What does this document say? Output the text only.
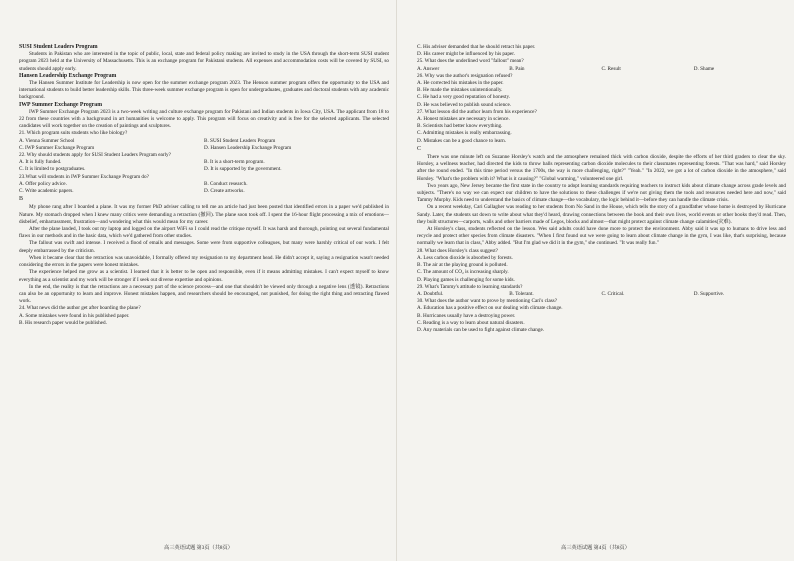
SUSI Student Leaders Program

Students in Pakistan who are interested in the topic of public, local, state and federal policy making are invited to study in the USA through the short-term SUSI student program 2023 held at the University of Massachusetts. This is an exchange program for Pakistani students. All expenses and accommodation costs will be covered by SUSI, so students should apply early.

Hansen Leadership Exchange Program

The Hansen Summer Institute for Leadership is now open for the summer exchange program 2023. The Henson summer program offers the opportunity to the USA and international students to build better leadership skills. This three-week summer exchange program is open for undergraduates, graduates and doctoral students with any academic background.

IWP Summer Exchange Program

IWP Summer Exchange Program 2023 is a two-week writing and culture exchange program for Pakistani and Indian students in Iowa City, USA. The applicant from 18 to 22 from these countries with a background in art humanities is welcome to apply. This program will focus on creativity and is free for the selected applicants. The selected candidates will work together on the creation of paintings and sculptures.

21. Which program suits students who like biology?

A. Vienna Summer School	B. SUSI Student Leaders Program
C. IWP Summer Exchange Program	D. Hansen Leadership Exchange Program

22. Why should students apply for SUSI Student Leaders Program early?

A. It is fully funded.	B. It is a short-term program.
C. It is limited to postgraduates.	D. It is supported by the government.

23.What will students in IWP Summer Exchange Program do?

A. Offer policy advice.	B. Conduct research.
C. Write academic papers.	D. Create artworks.

B

My phone rang after I boarded a plane. It was my former PhD adviser calling to tell me an article had just been posted that identified errors in a paper we'd published in Nature. My stomach dropped when I knew many critics were demanding a retraction (撤回). The plane soon took off. I spent the 16-hour flight processing a mix of emotions—disbelief, embarrassment, frustration—and wondering what this would mean for my career.

After the plane landed, I took out my laptop and logged on the airport WiFi so I could read the critique myself. It was harsh and thorough, pointing out several fundamental flaws in our methods and in the basic data, which we'd gathered from other studies.

The fallout was swift and intense. I received a flood of emails and messages. Some were from supportive colleagues, but many were harshly critical of our work. I felt deeply embarrassed by the criticism.

When it became clear that the retraction was unavoidable, I formally offered my resignation to my department head. He didn't accept it, saying a resignation wasn't needed considering the errors in the papers were honest mistakes.

The experience helped me grow as a scientist. I learned that it is better to be open and responsible, even if it means admitting mistakes. I can't expect myself to know everything as a scientist and my work will be stronger if I seek out diverse expertise and opinions.

In the end, the reality is that the retractions are a necessary part of the science process—and one that shouldn't be viewed only through a negative lens (透镜). Retractions can also be an opportunity to learn and improve. Honest mistakes happen, and researchers should be encouraged, not punished, for doing the right thing and retracting flawed work.

24. What news did the author get after boarding the plane?

A. Some mistakes were found in his published paper.

B. His research paper would be published.

高三英语试题 第3页（共8页）

C. His adviser demanded that he should retract his paper.

D. His career might be influenced by his paper.

25. What does the underlined word "fallout" mean?

A. Answer	B. Pain	C. Result	D. Shame

26. Why was the author's resignation refused?

A. He corrected his mistakes in the paper.

B. He made the mistakes unintentionally.

C. He had a very good reputation of honesty.

D. He was believed to publish sound science.

27. What lesson did the author learn from his experience?

A. Honest mistakes are necessary in science.

B. Scientists had better know everything.

C. Admitting mistakes is really embarrassing.

D. Mistakes can be a good chance to learn.

C

There was one minute left on Suzanne Horsley's watch and the atmosphere remained thick with carbon dioxide, despite the efforts of her third graders to clear the sky. Horsley, a wellness teacher, had directed the kids to throw balls representing carbon dioxide molecules to their classmates representing forests. "That was hard," said Horsley after the round ended. "In this time period versus the 1700s, the way is more challenging, right?" "Yeah." "In 2022, we got a lot of carbon dioxide in the atmosphere," said Horsley. "What's the problem with it? What is it causing?" "Global warming," volunteered one girl.

Two years ago, New Jersey became the first state in the country to adopt learning standards requiring teachers to instruct kids about climate change across grade levels and subjects. "There's no way we can expect our children to have the solutions to these challenges if we're not giving them the tools and resources needed here and now," said Tammy Murphy. Kids need to understand the basics of climate change—the vocabulary, the logic behind it—before they can handle the climate crisis.

On a recent weekday, Cari Gallagher was reading to her students from No Sand in the House, which tells the story of a grandfather whose home is destroyed by Hurricane Sandy. Later, the students sat down to write about what they'd heard, drawing connections between the book and their own lives, world events or other books they'd read. Then, they built structures—carports, walls and other barriers made of Legos, blocks and almost—that might protect against climate change calamities(灾难).

At Horsley's class, students reflected on the lesson. Wes said adults could have done more to protect the environment. Abby said it was up to humans to drive less and recycle and protect other species from climate disasters. "When I first found out we were going to learn about climate change in the gym, I was like, that's surprising, because normally we learn that in class," Abby added. "But I'm glad we did it in the gym," she continued. "It was really fun."

28. What does Horsley's class suggest?

A. Less carbon dioxide is absorbed by forests.

B. The air at the playing ground is polluted.

C. The amount of CO₂ is increasing sharply.

D. Playing games is challenging for some kids.

29. What's Tammy's attitude to learning standards?

A. Doubtful.	B. Tolerant.	C. Critical.	D. Supportive.

30. What does the author want to prove by mentioning Cari's class?

A. Education has a positive effect on our dealing with climate change.

B. Hurricanes usually have a destroying power.

C. Reading is a way to learn about natural disasters.

D. Any materials can be used to fight against climate change.

高三英语试题 第4页（共8页）
